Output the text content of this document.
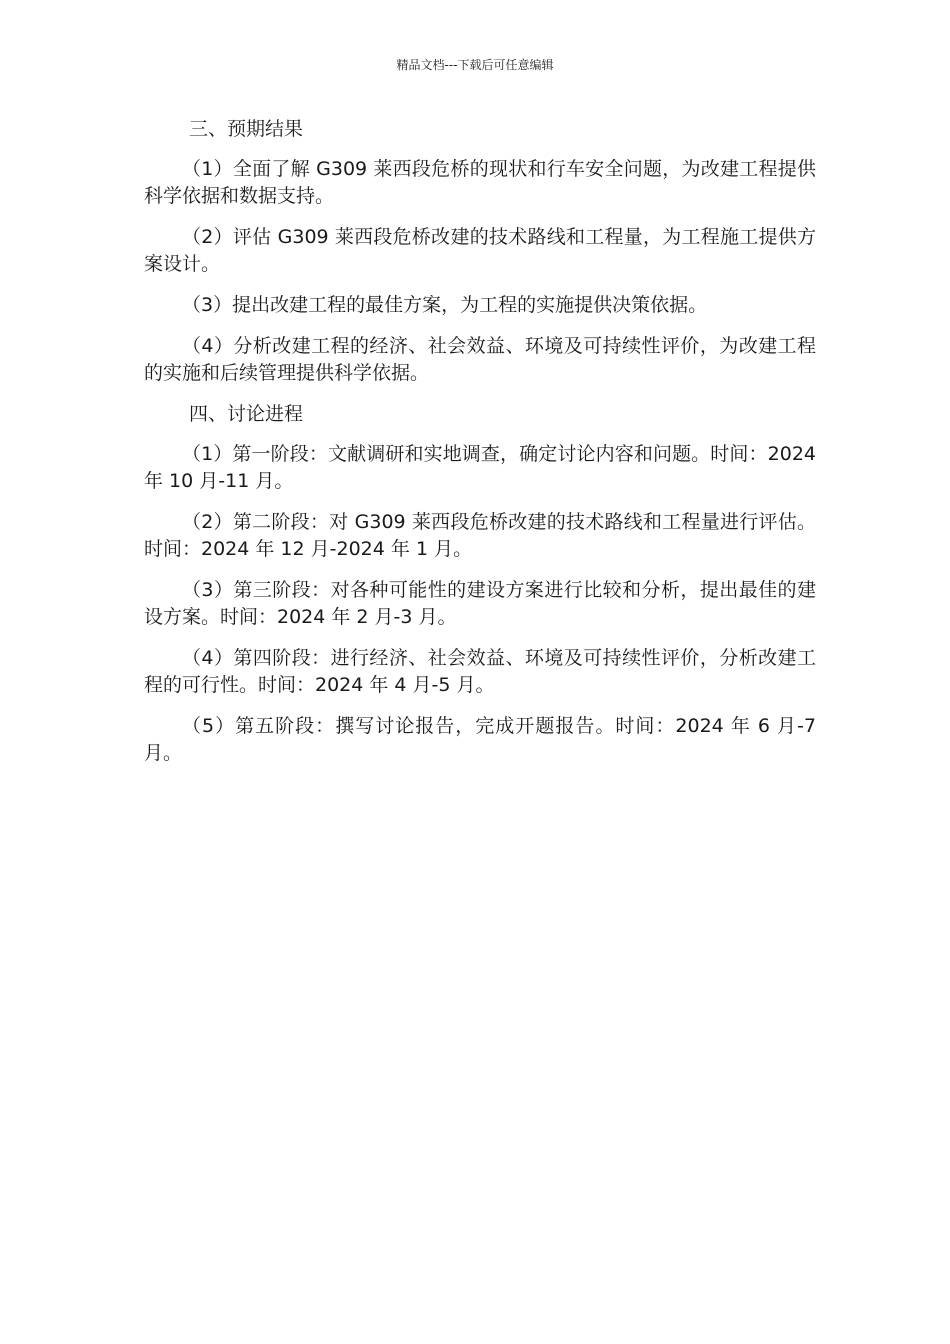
精品文档---下载后可任意编辑

三、预期结果

（1）全面了解 G309 莱西段危桥的现状和行车安全问题，为改建工程提供科学依据和数据支持。

（2）评估 G309 莱西段危桥改建的技术路线和工程量，为工程施工提供方案设计。

（3）提出改建工程的最佳方案，为工程的实施提供决策依据。

（4）分析改建工程的经济、社会效益、环境及可持续性评价，为改建工程的实施和后续管理提供科学依据。

四、讨论进程

（1）第一阶段：文献调研和实地调查，确定讨论内容和问题。时间：2024 年 10 月-11 月。

（2）第二阶段：对 G309 莱西段危桥改建的技术路线和工程量进行评估。时间：2024 年 12 月-2024 年 1 月。

（3）第三阶段：对各种可能性的建设方案进行比较和分析，提出最佳的建设方案。时间：2024 年 2 月-3 月。

（4）第四阶段：进行经济、社会效益、环境及可持续性评价，分析改建工程的可行性。时间：2024 年 4 月-5 月。

（5）第五阶段：撰写讨论报告，完成开题报告。时间：2024 年 6 月-7 月。
